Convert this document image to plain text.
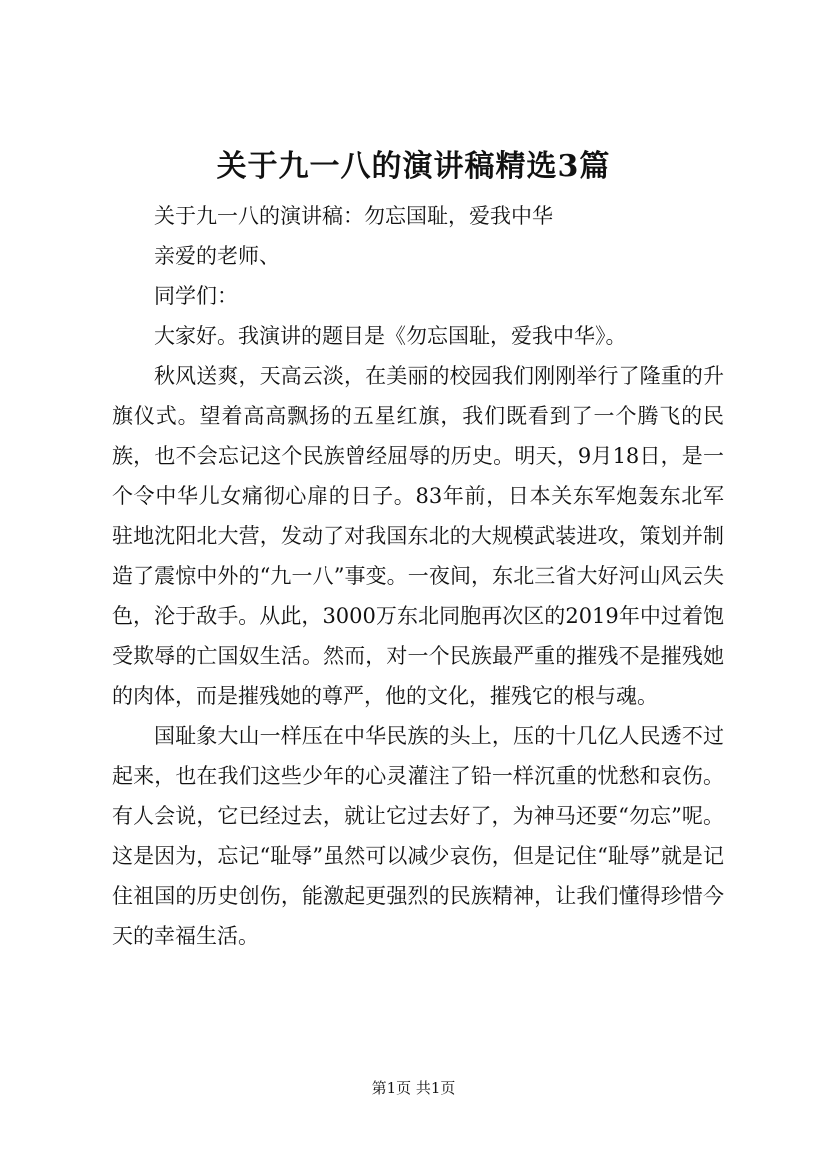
关于九一八的演讲稿精选3篇

关于九一八的演讲稿：勿忘国耻，爱我中华

亲爱的老师、

同学们：

大家好。我演讲的题目是《勿忘国耻，爱我中华》。

秋风送爽，天高云淡，在美丽的校园我们刚刚举行了隆重的升旗仪式。望着高高飘扬的五星红旗，我们既看到了一个腾飞的民族，也不会忘记这个民族曾经屈辱的历史。明天，9月18日，是一个令中华儿女痛彻心扉的日子。83年前，日本关东军炮轰东北军驻地沈阳北大营，发动了对我国东北的大规模武装进攻，策划并制造了震惊中外的“九一八”事变。一夜间，东北三省大好河山风云失色，沦于敌手。从此，3000万东北同胞再次区的2019年中过着饱受欺辱的亡国奴生活。然而，对一个民族最严重的摧残不是摧残她的肉体，而是摧残她的尊严，他的文化，摧残它的根与魂。

国耻象大山一样压在中华民族的头上，压的十几亿人民透不过起来，也在我们这些少年的心灵灌注了铅一样沉重的忧愁和哀伤。有人会说，它已经过去，就让它过去好了，为神马还要“勿忘”呢。这是因为，忘记“耻辱”虽然可以减少哀伤，但是记住“耻辱”就是记住祖国的历史创伤，能激起更强烈的民族精神，让我们懂得珍惜今天的幸福生活。

第1页 共1页
